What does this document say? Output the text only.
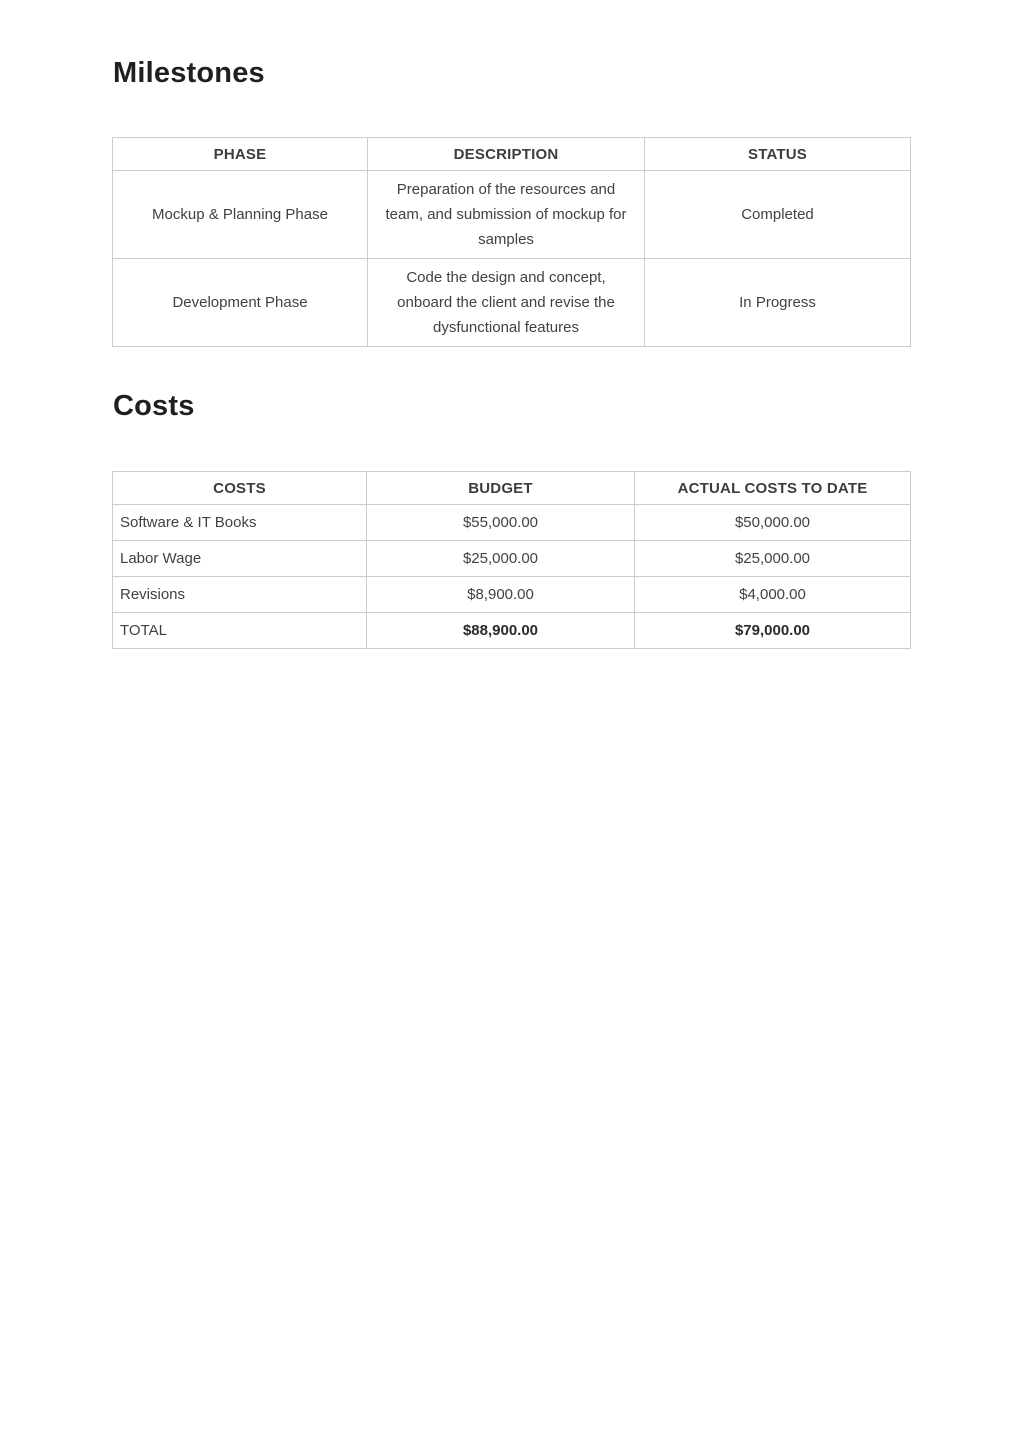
Milestones
PHASE	DESCRIPTION	STATUS
Mockup & Planning Phase	Preparation of the resources and team, and submission of mockup for samples	Completed
Development Phase	Code the design and concept, onboard the client and revise the dysfunctional features	In Progress
Costs
COSTS	BUDGET	ACTUAL COSTS TO DATE
Software & IT Books	$55,000.00	$50,000.00
Labor Wage	$25,000.00	$25,000.00
Revisions	$8,900.00	$4,000.00
TOTAL	$88,900.00	$79,000.00
